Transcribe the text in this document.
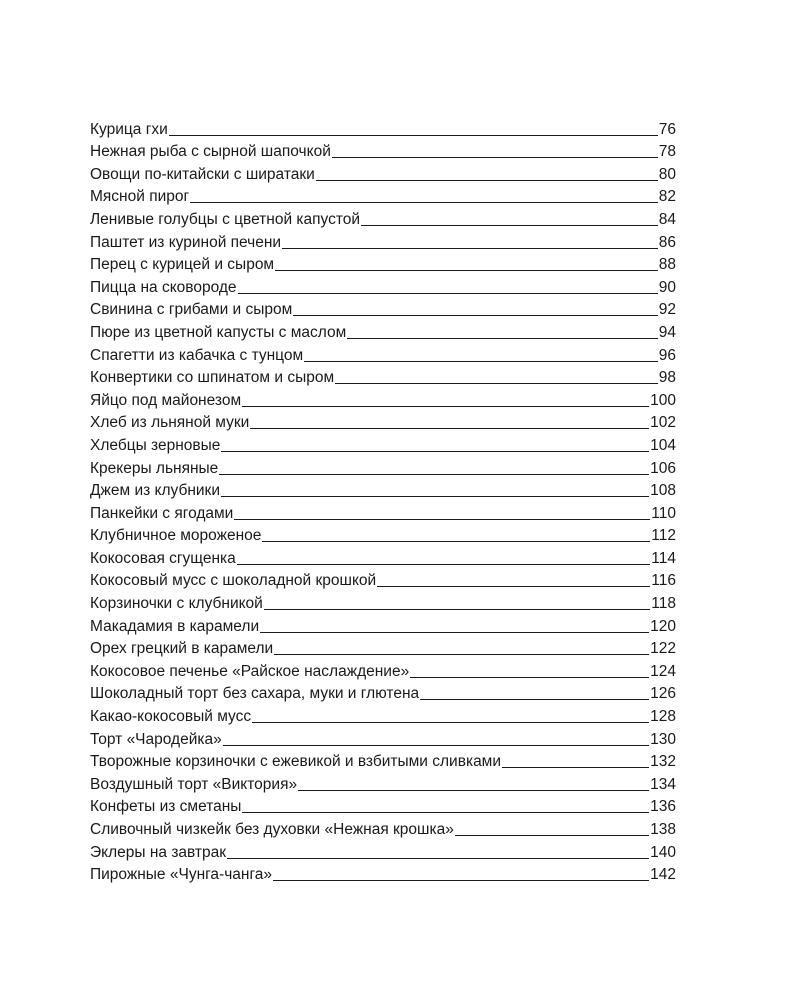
Курица гхи	76
Нежная рыба с сырной шапочкой	78
Овощи по-китайски с ширатаки	80
Мясной пирог	82
Ленивые голубцы с цветной капустой	84
Паштет из куриной печени	86
Перец с курицей и сыром	88
Пицца на сковороде	90
Свинина с грибами и сыром	92
Пюре из цветной капусты с маслом	94
Спагетти из кабачка с тунцом	96
Конвертики со шпинатом и сыром	98
Яйцо под майонезом	100
Хлеб из льняной муки	102
Хлебцы зерновые	104
Крекеры льняные	106
Джем из клубники	108
Панкейки с ягодами	110
Клубничное мороженое	112
Кокосовая сгущенка	114
Кокосовый мусс с шоколадной крошкой	116
Корзиночки с клубникой	118
Макадамия в карамели	120
Орех грецкий в карамели	122
Кокосовое печенье «Райское наслаждение»	124
Шоколадный торт без сахара, муки и глютена	126
Какао-кокосовый мусс	128
Торт «Чародейка»	130
Творожные корзиночки с ежевикой и взбитыми сливками	132
Воздушный торт «Виктория»	134
Конфеты из сметаны	136
Сливочный чизкейк без духовки «Нежная крошка»	138
Эклеры на завтрак	140
Пирожные «Чунга-чанга»	142
